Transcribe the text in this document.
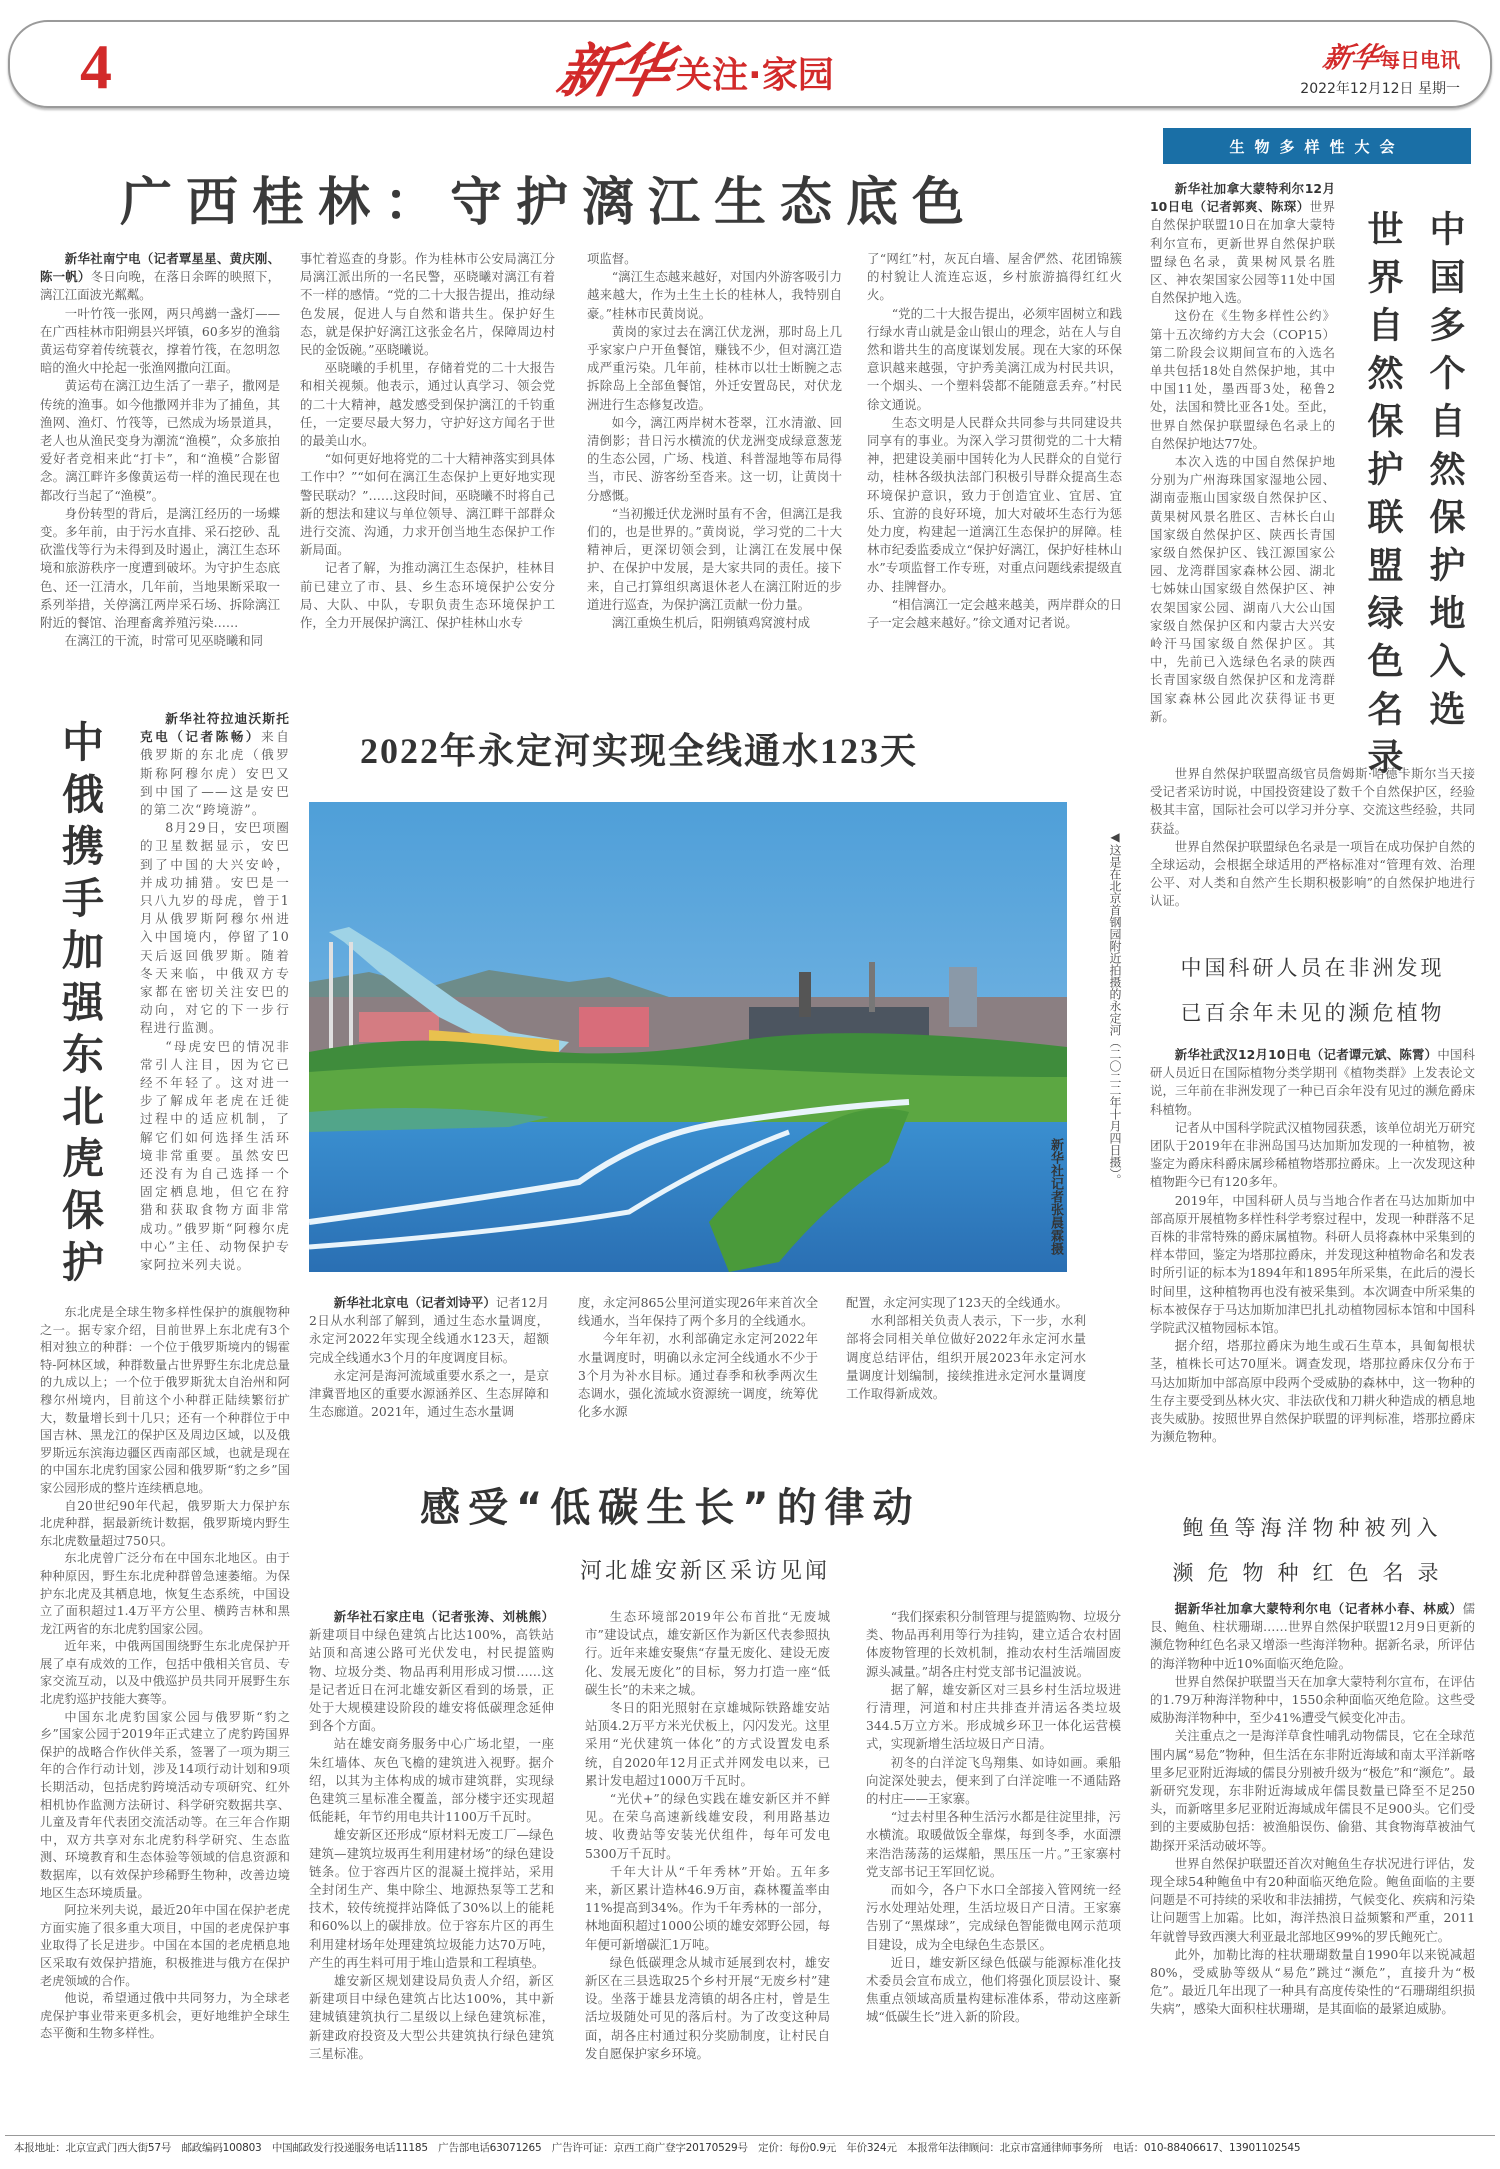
4	新华 关注·家园	新华每日电讯
2022年12月12日 星期一
生物多样性大会
广西桂林：守护漓江生态底色

新华社南宁电（记者覃星星、黄庆刚、陈一帆）冬日向晚，在落日余晖的映照下，漓江江面波光粼粼。

一叶竹筏一张网，两只鸬鹚一盏灯——在广西桂林市阳朔县兴坪镇，60多岁的渔翁黄运苟穿着传统蓑衣，撑着竹筏，在忽明忽暗的渔火中抡起一张渔网撒向江面。

黄运苟在漓江边生活了一辈子，撒网是传统的渔事。如今他撒网并非为了捕鱼，其渔网、渔灯、竹筏等，已然成为场景道具，老人也从渔民变身为潮流“渔模”，众多旅拍爱好者竞相来此“打卡”，和“渔模”合影留念。漓江畔许多像黄运苟一样的渔民现在也都改行当起了“渔模”。

身份转型的背后，是漓江经历的一场蝶变。多年前，由于污水直排、采石挖砂、乱砍滥伐等行为未得到及时遏止，漓江生态环境和旅游秩序一度遭到破坏。为守护生态底色、还一江清水，几年前，当地果断采取一系列举措，关停漓江两岸采石场、拆除漓江附近的餐馆、治理畜禽养殖污染……

在漓江的干流，时常可见巫晓曦和同

事忙着巡查的身影。作为桂林市公安局漓江分局漓江派出所的一名民警，巫晓曦对漓江有着不一样的感情。“党的二十大报告提出，推动绿色发展，促进人与自然和谐共生。保护好生态，就是保护好漓江这张金名片，保障周边村民的金饭碗。”巫晓曦说。

巫晓曦的手机里，存储着党的二十大报告和相关视频。他表示，通过认真学习、领会党的二十大精神，越发感受到保护漓江的千钧重任，一定要尽最大努力，守护好这方闻名于世的最美山水。

“如何更好地将党的二十大精神落实到具体工作中？”“如何在漓江生态保护上更好地实现警民联动？”……这段时间，巫晓曦不时将自己新的想法和建议与单位领导、漓江畔干部群众进行交流、沟通，力求开创当地生态保护工作新局面。

记者了解，为推动漓江生态保护，桂林目前已建立了市、县、乡生态环境保护公安分局、大队、中队，专职负责生态环境保护工作，全力开展保护漓江、保护桂林山水专

项监督。

“漓江生态越来越好，对国内外游客吸引力越来越大，作为土生土长的桂林人，我特别自豪。”桂林市民黄岗说。

黄岗的家过去在漓江伏龙洲，那时岛上几乎家家户户开鱼餐馆，赚钱不少，但对漓江造成严重污染。几年前，桂林市以壮士断腕之志拆除岛上全部鱼餐馆，外迁安置岛民，对伏龙洲进行生态修复改造。

如今，漓江两岸树木苍翠，江水清澈、回清倒影；昔日污水横流的伏龙洲变成绿意葱茏的生态公园，广场、栈道、科普湿地等布局得当，市民、游客纷至沓来。这一切，让黄岗十分感慨。

“当初搬迁伏龙洲时虽有不舍，但漓江是我们的，也是世界的。”黄岗说，学习党的二十大精神后，更深切领会到，让漓江在发展中保护、在保护中发展，是大家共同的责任。接下来，自己打算组织离退休老人在漓江附近的步道进行巡查，为保护漓江贡献一份力量。

漓江重焕生机后，阳朔镇鸡窝渡村成

了“网红”村，灰瓦白墙、屋舍俨然、花团锦簇的村貌让人流连忘返，乡村旅游搞得红红火火。

“党的二十大报告提出，必须牢固树立和践行绿水青山就是金山银山的理念，站在人与自然和谐共生的高度谋划发展。现在大家的环保意识越来越强，守护秀美漓江成为村民共识，一个烟头、一个塑料袋都不能随意丢弃。”村民徐文通说。

生态文明是人民群众共同参与共同建设共同享有的事业。为深入学习贯彻党的二十大精神，把建设美丽中国转化为人民群众的自觉行动，桂林各级执法部门积极引导群众提高生态环境保护意识，致力于创造宜业、宜居、宜乐、宜游的良好环境，加大对破坏生态行为惩处力度，构建起一道漓江生态保护的屏障。桂林市纪委监委成立“保护好漓江，保护好桂林山水”专项监督工作专班，对重点问题线索提级直办、挂牌督办。

“相信漓江一定会越来越美，两岸群众的日子一定会越来越好。”徐文通对记者说。

中俄携手加强东北虎保护

新华社符拉迪沃斯托克电（记者陈畅）来自俄罗斯的东北虎（俄罗斯称阿穆尔虎）安巴又到中国了——这是安巴的第二次“跨境游”。

8月29日，安巴项圈的卫星数据显示，安巴到了中国的大兴安岭，并成功捕猎。安巴是一只八九岁的母虎，曾于1月从俄罗斯阿穆尔州进入中国境内，停留了10天后返回俄罗斯。随着冬天来临，中俄双方专家都在密切关注安巴的动向，对它的下一步行程进行监测。

“母虎安巴的情况非常引人注目，因为它已经不年轻了。这对进一步了解成年老虎在迁徙过程中的适应机制，了解它们如何选择生活环境非常重要。虽然安巴还没有为自己选择一个固定栖息地，但它在狩猎和获取食物方面非常成功。”俄罗斯“阿穆尔虎中心”主任、动物保护专家阿拉米列夫说。

东北虎是全球生物多样性保护的旗舰物种之一。据专家介绍，目前世界上东北虎有3个相对独立的种群：一个位于俄罗斯境内的锡霍特-阿林区域，种群数量占世界野生东北虎总量的九成以上；一个位于俄罗斯犹太自治州和阿穆尔州境内，目前这个小种群正陆续繁衍扩大，数量增长到十几只；还有一个种群位于中国吉林、黑龙江的保护区及周边区域，以及俄罗斯远东滨海边疆区西南部区域，也就是现在的中国东北虎豹国家公园和俄罗斯“豹之乡”国家公园形成的整片连续栖息地。

自20世纪90年代起，俄罗斯大力保护东北虎种群，据最新统计数据，俄罗斯境内野生东北虎数量超过750只。

东北虎曾广泛分布在中国东北地区。由于种种原因，野生东北虎种群曾急速萎缩。为保护东北虎及其栖息地，恢复生态系统，中国设立了面积超过1.4万平方公里、横跨吉林和黑龙江两省的东北虎豹国家公园。

近年来，中俄两国围绕野生东北虎保护开展了卓有成效的工作，包括中俄相关官员、专家交流互动，以及中俄巡护员共同开展野生东北虎豹巡护技能大赛等。

中国东北虎豹国家公园与俄罗斯“豹之乡”国家公园于2019年正式建立了虎豹跨国界保护的战略合作伙伴关系，签署了一项为期三年的合作行动计划，涉及14项行动计划和9项长期活动，包括虎豹跨境活动专项研究、红外相机协作监测方法研讨、科学研究数据共享、儿童及青年代表团交流活动等。在三年合作期中，双方共享对东北虎豹科学研究、生态监测、环境教育和生态体验等领域的信息资源和数据库，以有效保护珍稀野生物种，改善边境地区生态环境质量。

阿拉米列夫说，最近20年中国在保护老虎方面实施了很多重大项目，中国的老虎保护事业取得了长足进步。中国在本国的老虎栖息地区采取有效保护措施，积极推进与俄方在保护老虎领域的合作。

他说，希望通过俄中共同努力，为全球老虎保护事业带来更多机会，更好地维护全球生态平衡和生物多样性。

2022年永定河实现全线通水123天
◀这是在北京首钢园附近拍摄的永定河（二〇二二年十月四日摄）。
新华社记者张晨霖摄

新华社北京电（记者刘诗平）记者12月2日从水利部了解到，通过生态水量调度，永定河2022年实现全线通水123天，超额完成全线通水3个月的年度调度目标。

永定河是海河流域重要水系之一，是京津冀晋地区的重要水源涵养区、生态屏障和生态廊道。2021年，通过生态水量调

度，永定河865公里河道实现26年来首次全线通水，当年保持了两个多月的全线通水。

今年年初，水利部确定永定河2022年水量调度时，明确以永定河全线通水不少于3个月为补水目标。通过春季和秋季两次生态调水，强化流域水资源统一调度，统筹优化多水源

配置，永定河实现了123天的全线通水。

水利部相关负责人表示，下一步，水利部将会同相关单位做好2022年永定河水量调度总结评估，组织开展2023年永定河水量调度计划编制，接续推进永定河水量调度工作取得新成效。

感受“低碳生长”的律动
河北雄安新区采访见闻

新华社石家庄电（记者张涛、刘桃熊）新建项目中绿色建筑占比达100%，高铁站站顶和高速公路可光伏发电，村民提篮购物、垃圾分类、物品再利用形成习惯……这是记者近日在河北雄安新区看到的场景，正处于大规模建设阶段的雄安将低碳理念延伸到各个方面。

站在雄安商务服务中心广场北望，一座朱红墙体、灰色飞檐的建筑进入视野。据介绍，以其为主体构成的城市建筑群，实现绿色建筑三星标准全覆盖，部分楼宇还实现超低能耗，年节约用电共计1100万千瓦时。

雄安新区还形成“原材料无废工厂—绿色建筑—建筑垃圾再生利用建材场”的绿色建设链条。位于容西片区的混凝土搅拌站，采用全封闭生产、集中除尘、地源热泵等工艺和技术，较传统搅拌站降低了30%以上的能耗和60%以上的碳排放。位于容东片区的再生利用建材场年处理建筑垃圾能力达70万吨，产生的再生料可用于堆山造景和工程填垫。

雄安新区规划建设局负责人介绍，新区新建项目中绿色建筑占比达100%，其中新建城镇建筑执行二星级以上绿色建筑标准，新建政府投资及大型公共建筑执行绿色建筑三星标准。

生态环境部2019年公布首批“无废城市”建设试点，雄安新区作为新区代表参照执行。近年来雄安聚焦“存量无废化、建设无废化、发展无废化”的目标，努力打造一座“低碳生长”的未来之城。

冬日的阳光照射在京雄城际铁路雄安站站顶4.2万平方米光伏板上，闪闪发光。这里采用“光伏建筑一体化”的方式设置发电系统，自2020年12月正式并网发电以来，已累计发电超过1000万千瓦时。

“光伏+”的绿色实践在雄安新区并不鲜见。在荣乌高速新线雄安段，利用路基边坡、收费站等安装光伏组件，每年可发电5300万千瓦时。

千年大计从“千年秀林”开始。五年多来，新区累计造林46.9万亩，森林覆盖率由11%提高到34%。作为千年秀林的一部分，林地面积超过1000公顷的雄安郊野公园，每年便可新增碳汇1万吨。

绿色低碳理念从城市延展到农村，雄安新区在三县选取25个乡村开展“无废乡村”建设。坐落于雄县龙湾镇的胡各庄村，曾是生活垃圾随处可见的落后村。为了改变这种局面，胡各庄村通过积分奖励制度，让村民自发自愿保护家乡环境。

“我们探索积分制管理与提篮购物、垃圾分类、物品再利用等行为挂钩，建立适合农村固体废物管理的长效机制，推动农村生活端固废源头减量。”胡各庄村党支部书记温波说。

据了解，雄安新区对三县乡村生活垃圾进行清理，河道和村庄共排查并清运各类垃圾344.5万立方米。形成城乡环卫一体化运营模式，实现新增生活垃圾日产日清。

初冬的白洋淀飞鸟翔集、如诗如画。乘船向淀深处驶去，便来到了白洋淀唯一不通陆路的村庄——王家寨。

“过去村里各种生活污水都是往淀里排，污水横流。取暖做饭全靠煤，每到冬季，水面漂来浩浩荡荡的运煤船，黑压压一片。”王家寨村党支部书记王军回忆说。

而如今，各户下水口全部接入管网统一经污水处理站处理，生活垃圾日产日清。王家寨告别了“黑煤球”，完成绿色智能微电网示范项目建设，成为全电绿色生态景区。

近日，雄安新区绿色低碳与能源标准化技术委员会宣布成立，他们将强化顶层设计、聚焦重点领域高质量构建标准体系，带动这座新城“低碳生长”进入新的阶段。

新华社加拿大蒙特利尔12月10日电（记者郭爽、陈琛）世界自然保护联盟10日在加拿大蒙特利尔宣布，更新世界自然保护联盟绿色名录，黄果树风景名胜区、神农架国家公园等11处中国自然保护地入选。

这份在《生物多样性公约》第十五次缔约方大会（COP15）第二阶段会议期间宣布的入选名单共包括18处自然保护地，其中中国11处，墨西哥3处，秘鲁2处，法国和赞比亚各1处。至此，世界自然保护联盟绿色名录上的自然保护地达77处。

本次入选的中国自然保护地分别为广州海珠国家湿地公园、湖南壶瓶山国家级自然保护区、黄果树风景名胜区、吉林长白山国家级自然保护区、陕西长青国家级自然保护区、钱江源国家公园、龙湾群国家森林公园、湖北七姊妹山国家级自然保护区、神农架国家公园、湖南八大公山国家级自然保护区和内蒙古大兴安岭汗马国家级自然保护区。其中，先前已入选绿色名录的陕西长青国家级自然保护区和龙湾群国家森林公园此次获得证书更新。	中国多个自然保护地入选
世界自然保护联盟绿色名录

世界自然保护联盟高级官员詹姆斯·哈德卡斯尔当天接受记者采访时说，中国投资建设了数千个自然保护区，经验极其丰富，国际社会可以学习并分享、交流这些经验，共同获益。

世界自然保护联盟绿色名录是一项旨在成功保护自然的全球运动，会根据全球适用的严格标准对“管理有效、治理公平、对人类和自然产生长期积极影响”的自然保护地进行认证。

中国科研人员在非洲发现
已百余年未见的濒危植物

新华社武汉12月10日电（记者谭元斌、陈霄）中国科研人员近日在国际植物分类学期刊《植物类群》上发表论文说，三年前在非洲发现了一种已百余年没有见过的濒危爵床科植物。

记者从中国科学院武汉植物园获悉，该单位胡光万研究团队于2019年在非洲岛国马达加斯加发现的一种植物，被鉴定为爵床科爵床属珍稀植物塔那拉爵床。上一次发现这种植物距今已有120多年。

2019年，中国科研人员与当地合作者在马达加斯加中部高原开展植物多样性科学考察过程中，发现一种群落不足百株的非常特殊的爵床属植物。科研人员将森林中采集到的样本带回，鉴定为塔那拉爵床，并发现这种植物命名和发表时所引证的标本为1894年和1895年所采集，在此后的漫长时间里，这种植物再也没有被采集到。本次调查中所采集的标本被保存于马达加斯加津巴扎扎动植物园标本馆和中国科学院武汉植物园标本馆。

据介绍，塔那拉爵床为地生或石生草本，具匍匐根状茎，植株长可达70厘米。调查发现，塔那拉爵床仅分布于马达加斯加中部高原中段两个受威胁的森林中，这一物种的生存主要受到丛林火灾、非法砍伐和刀耕火种造成的栖息地丧失威胁。按照世界自然保护联盟的评判标准，塔那拉爵床为濒危物种。

鲍鱼等海洋物种被列入
濒危物种红色名录

据新华社加拿大蒙特利尔电（记者林小春、林威）儒艮、鲍鱼、柱状珊瑚……世界自然保护联盟12月9日更新的濒危物种红色名录又增添一些海洋物种。据新名录，所评估的海洋物种中近10%面临灭绝危险。

世界自然保护联盟当天在加拿大蒙特利尔宣布，在评估的1.79万种海洋物种中，1550余种面临灭绝危险。这些受威胁海洋物种中，至少41%遭受气候变化冲击。

关注重点之一是海洋草食性哺乳动物儒艮，它在全球范围内属“易危”物种，但生活在东非附近海域和南太平洋新喀里多尼亚附近海域的儒艮分别被升级为“极危”和“濒危”。最新研究发现，东非附近海域成年儒艮数量已降至不足250头，而新喀里多尼亚附近海域成年儒艮不足900头。它们受到的主要威胁包括：被渔船误伤、偷猎、其食物海草被油气勘探开采活动破坏等。

世界自然保护联盟还首次对鲍鱼生存状况进行评估，发现全球54种鲍鱼中有20种面临灭绝危险。鲍鱼面临的主要问题是不可持续的采收和非法捕捞，气候变化、疾病和污染让问题雪上加霜。比如，海洋热浪日益频繁和严重，2011年就曾导致西澳大利亚最北部地区99%的罗氏鲍死亡。

此外，加勒比海的柱状珊瑚数量自1990年以来锐减超80%，受威胁等级从“易危”跳过“濒危”，直接升为“极危”。最近几年出现了一种具有高度传染性的“石珊瑚组织损失病”，感染大面积柱状珊瑚，是其面临的最紧迫威胁。

本报地址：北京宣武门西大街57号　邮政编码100803　中国邮政发行投递服务电话11185　广告部电话63071265　广告许可证：京西工商广登字20170529号　定价：每份0.9元　年价324元　本报常年法律顾问：北京市富通律师事务所　电话：010-88406617、13901102545
